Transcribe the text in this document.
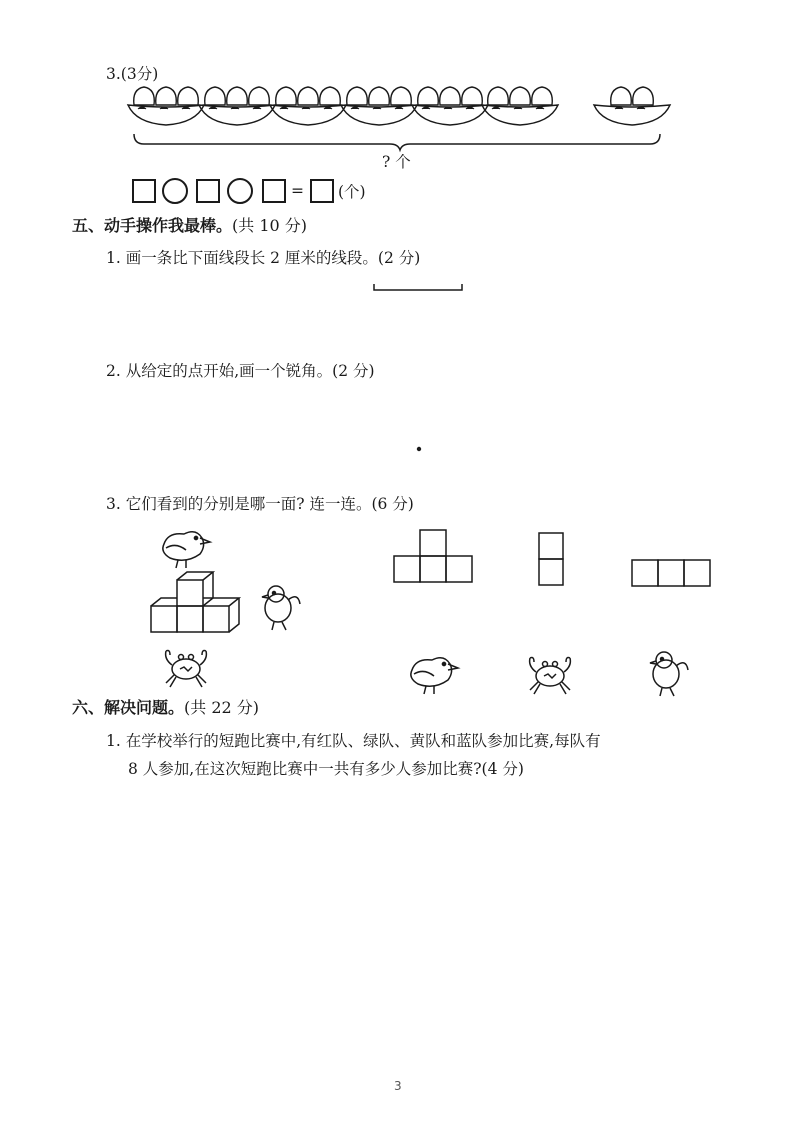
3.(3分)
? 个
= (个)
五、动手操作我最棒。(共 10 分)
1. 画一条比下面线段长 2 厘米的线段。(2 分)
2. 从给定的点开始,画一个锐角。(2 分)
3. 它们看到的分别是哪一面? 连一连。(6 分)
六、解决问题。(共 22 分)
1. 在学校举行的短跑比赛中,有红队、绿队、黄队和蓝队参加比赛,每队有
8 人参加,在这次短跑比赛中一共有多少人参加比赛?(4 分)
3
